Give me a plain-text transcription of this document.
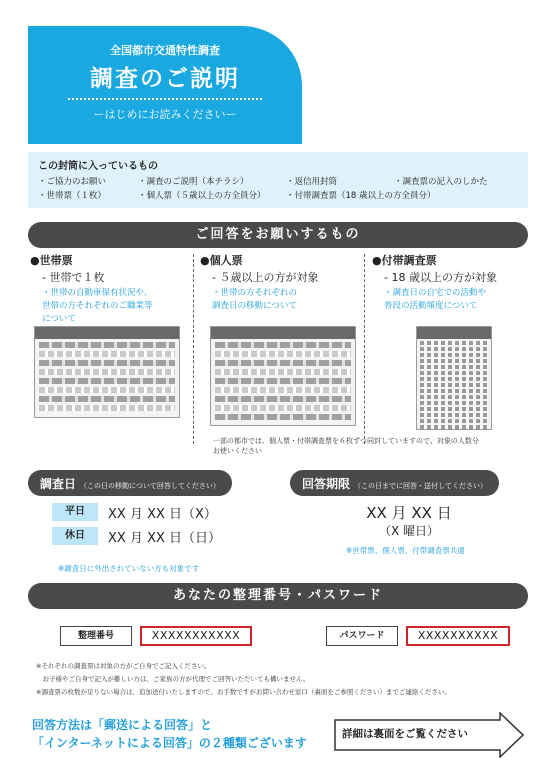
全国都市交通特性調査
調査のご説明
ーはじめにお読みくださいー
この封筒に入っているもの
・ご協力のお願い	・調査のご説明（本チラシ）	・返信用封筒	・調査票の記入のしかた
・世帯票（１枚）	・個人票（５歳以上の方全員分）	・付帯調査票（18 歳以上の方全員分）
ご回答をお願いするもの
●世帯票
- 世帯で１枚
・世帯の自動車保有状況や、
世帯の方それぞれのご職業等
について
●個人票
- ５歳以上の方が対象
・世帯の方それぞれの
調査日の移動について
●付帯調査票
- 18 歳以上の方が対象
・調査日の自宅での活動や
普段の活動頻度について
一部の都市では、個人票・付帯調査票を６枚ずつ同封していますので、対象の人数分
お使いください
調査日 （この日の移動について回答してください）
平日	XX 月 XX 日（X）
休日	XX 月 XX 日（日）
※調査日に外出されていない方も対象です
回答期限 （この日までに回答・送付してください）
XX 月 XX 日
（X 曜日）
※世帯票、個人票、付帯調査票共通
あなたの整理番号・パスワード
整理番号	XXXXXXXXXXX	パスワード	XXXXXXXXXX
※それぞれの調査票は対象の方がご自身でご記入ください。
　お子様やご自身で記入が難しい方は、ご家族の方が代理でご回答いただいても構いません。
※調査票の枚数が足りない場合は、追加送付いたしますので、お手数ですがお問い合わせ窓口（裏面をご参照ください）までご連絡ください。
回答方法は「郵送による回答」と
「インターネットによる回答」の２種類ございます
詳細は裏面をご覧ください
